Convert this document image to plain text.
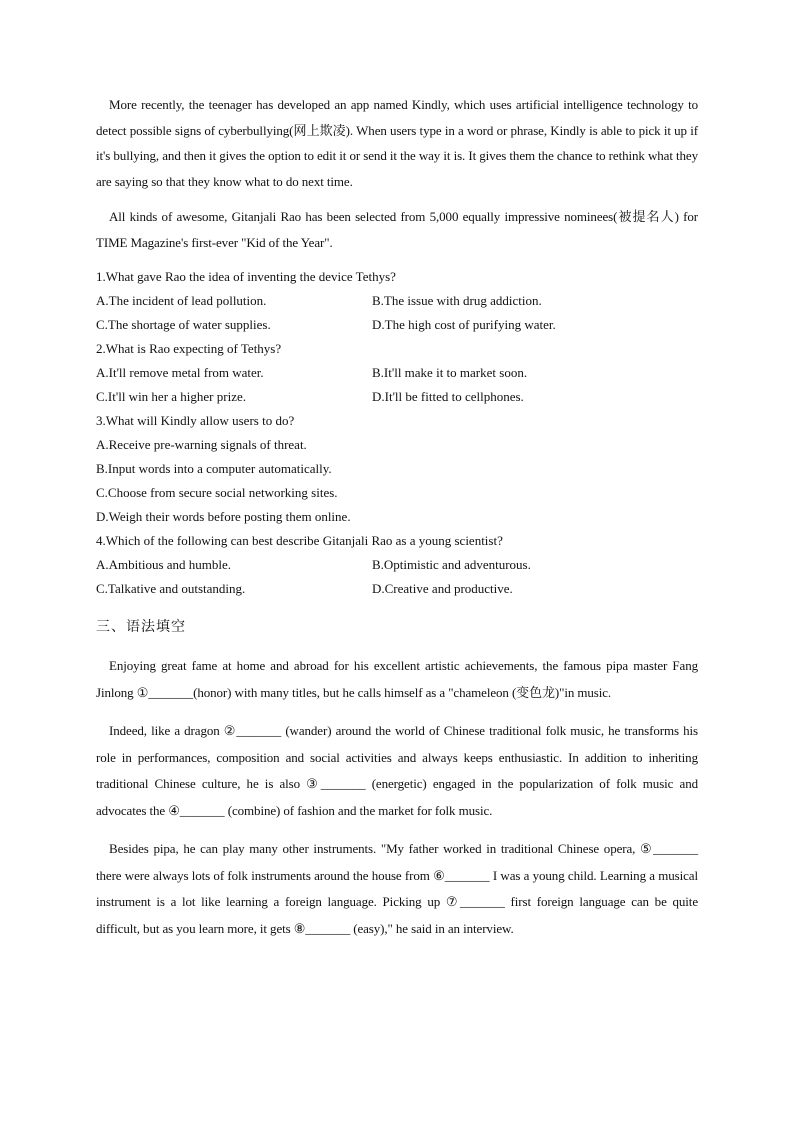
More recently, the teenager has developed an app named Kindly, which uses artificial intelligence technology to detect possible signs of cyberbullying(网上欺凌). When users type in a word or phrase, Kindly is able to pick it up if it's bullying, and then it gives the option to edit it or send it the way it is. It gives them the chance to rethink what they are saying so that they know what to do next time.

All kinds of awesome, Gitanjali Rao has been selected from 5,000 equally impressive nominees(被提名人) for TIME Magazine's first-ever "Kid of the Year".

1.What gave Rao the idea of inventing the device Tethys?
A.The incident of lead pollution.	B.The issue with drug addiction.
C.The shortage of water supplies.	D.The high cost of purifying water.
2.What is Rao expecting of Tethys?
A.It'll remove metal from water.	B.It'll make it to market soon.
C.It'll win her a higher prize.	D.It'll be fitted to cellphones.
3.What will Kindly allow users to do?
A.Receive pre-warning signals of threat.
B.Input words into a computer automatically.
C.Choose from secure social networking sites.
D.Weigh their words before posting them online.
4.Which of the following can best describe Gitanjali Rao as a young scientist?
A.Ambitious and humble.	B.Optimistic and adventurous.
C.Talkative and outstanding.	D.Creative and productive.
三、语法填空

Enjoying great fame at home and abroad for his excellent artistic achievements, the famous pipa master Fang Jinlong ①_______(honor) with many titles, but he calls himself as a "chameleon (变色龙)"in music.

Indeed, like a dragon ②_______ (wander) around the world of Chinese traditional folk music, he transforms his role in performances, composition and social activities and always keeps enthusiastic. In addition to inheriting traditional Chinese culture, he is also ③_______ (energetic) engaged in the popularization of folk music and advocates the ④_______ (combine) of fashion and the market for folk music.

Besides pipa, he can play many other instruments. "My father worked in traditional Chinese opera, ⑤_______ there were always lots of folk instruments around the house from ⑥_______ I was a young child. Learning a musical instrument is a lot like learning a foreign language. Picking up ⑦_______ first foreign language can be quite difficult, but as you learn more, it gets ⑧_______ (easy)," he said in an interview.
